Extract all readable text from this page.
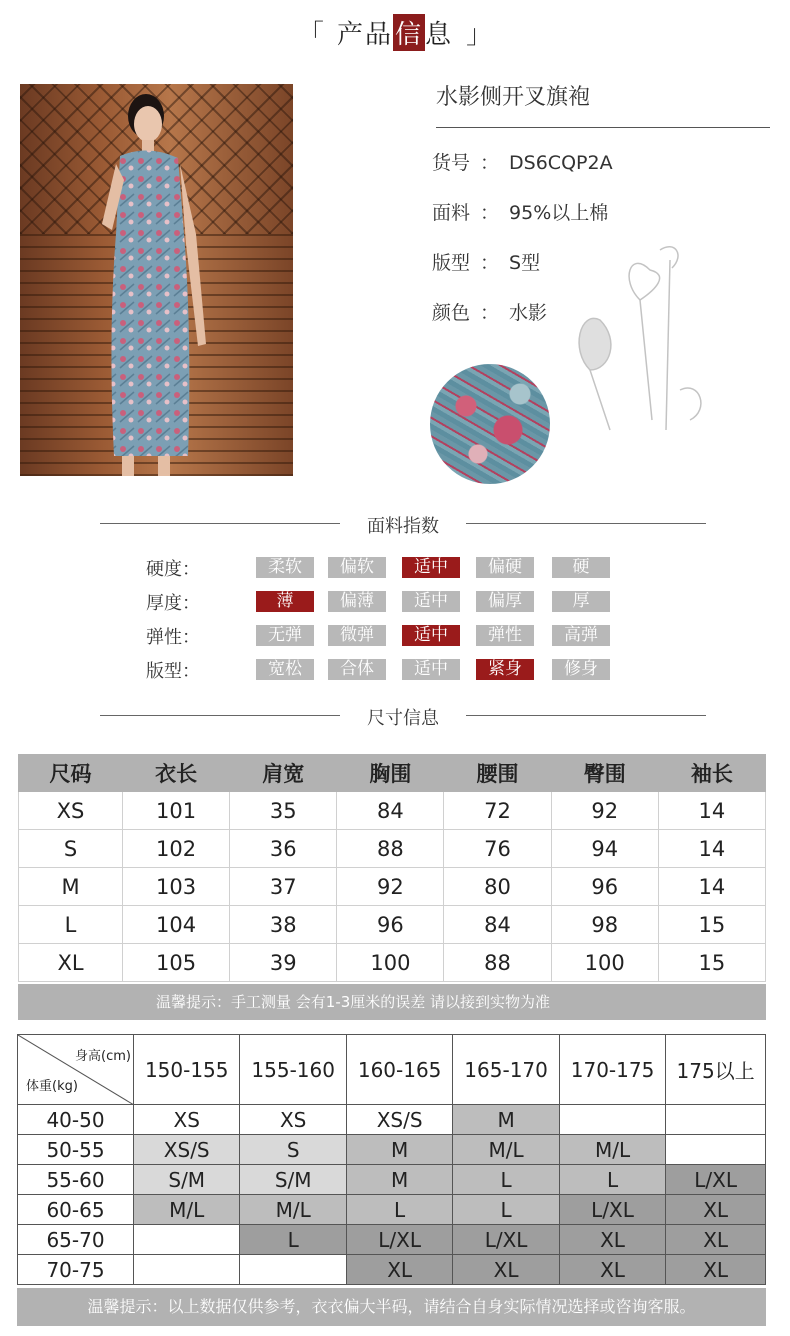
「 产品信息 」
水影侧开叉旗袍
货号 ： DS6CQP2A
面料 ： 95%以上棉
版型 ： S型
颜色 ： 水影
面料指数
硬度：	柔软	偏软	适中	偏硬	硬
厚度：	薄	偏薄	适中	偏厚	厚
弹性：	无弹	微弹	适中	弹性	高弹
版型：	宽松	合体	适中	紧身	修身
尺寸信息
尺码	衣长	肩宽	胸围	腰围	臀围	袖长
XS	101	35	84	72	92	14
S	102	36	88	76	94	14
M	103	37	92	80	96	14
L	104	38	96	84	98	15
XL	105	39	100	88	100	15
温馨提示：手工测量 会有1-3厘米的误差 请以接到实物为准
身高(cm)
体重(kg)	150-155	155-160	160-165	165-170	170-175	175以上
40-50	XS	XS	XS/S	M		
50-55	XS/S	S	M	M/L	M/L	
55-60	S/M	S/M	M	L	L	L/XL
60-65	M/L	M/L	L	L	L/XL	XL
65-70		L	L/XL	L/XL	XL	XL
70-75			XL	XL	XL	XL
温馨提示：以上数据仅供参考，衣衣偏大半码，请结合自身实际情况选择或咨询客服。
